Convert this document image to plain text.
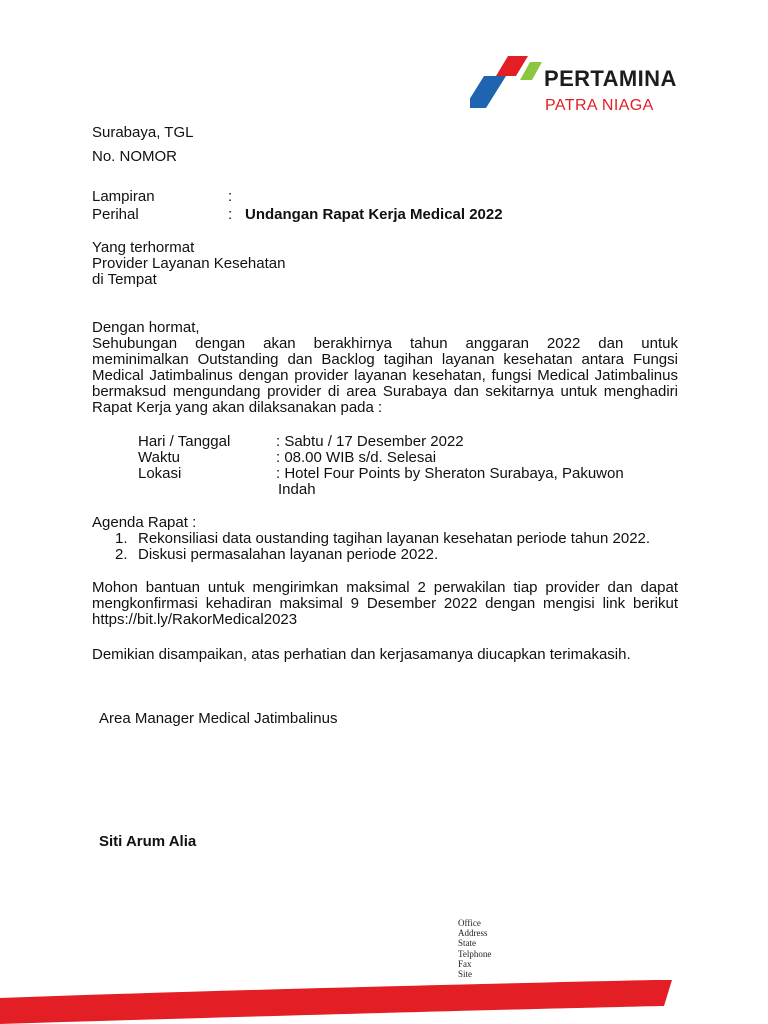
PERTAMINA
PATRA NIAGA
Surabaya, TGL
No. NOMOR
Lampiran	:
Perihal	: Undangan Rapat Kerja Medical 2022
Yang terhormat
Provider Layanan Kesehatan
di Tempat
Dengan hormat,
Sehubungan dengan akan berakhirnya tahun anggaran 2022 dan untuk
meminimalkan Outstanding dan Backlog tagihan layanan kesehatan antara Fungsi
Medical Jatimbalinus dengan provider layanan kesehatan, fungsi Medical Jatimbalinus
bermaksud mengundang provider di area Surabaya dan sekitarnya untuk menghadiri
Rapat Kerja yang akan dilaksanakan pada :
Hari / Tanggal	: Sabtu / 17 Desember 2022
Waktu	: 08.00 WIB s/d. Selesai
Lokasi	: Hotel Four Points by Sheraton Surabaya, Pakuwon
Indah
Agenda Rapat :
1. Rekonsiliasi data oustanding tagihan layanan kesehatan periode tahun 2022.
2. Diskusi permasalahan layanan periode 2022.
Mohon bantuan untuk mengirimkan maksimal 2 perwakilan tiap provider dan dapat
mengkonfirmasi kehadiran maksimal 9 Desember 2022 dengan mengisi link berikut
https://bit.ly/RakorMedical2023
Demikian disampaikan, atas perhatian dan kerjasamanya diucapkan terimakasih.
Area Manager Medical Jatimbalinus
Siti Arum Alia
Office
Address
State
Telphone
Fax
Site
